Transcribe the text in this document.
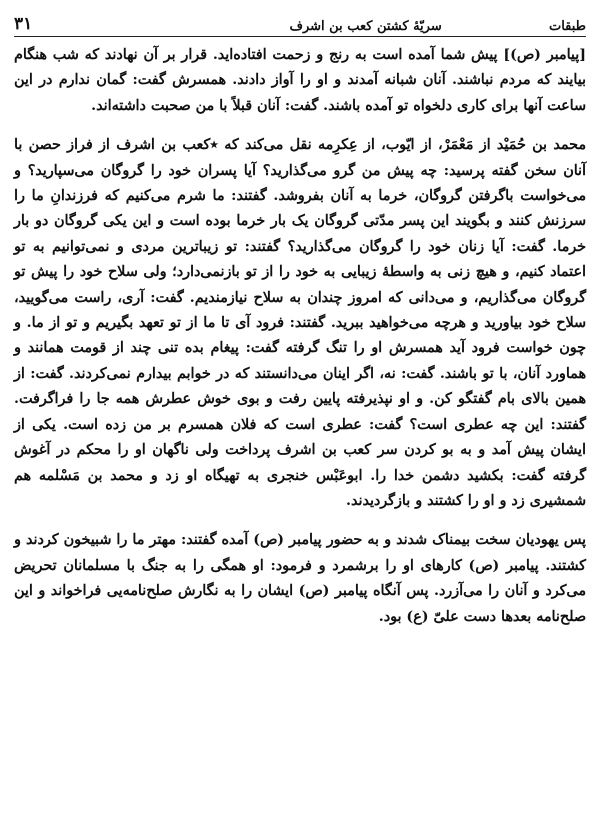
طبقات
سریّهٔ کشتن کعب بن اشرف
۳۱

[پیامبر (ص)] پیش شما آمده است به رنج و زحمت افتاده‌اید. قرار بر آن نهادند که شب هنگام بیایند که مردم نباشند. آنان شبانه آمدند و او را آواز دادند. همسرش گفت: گمان ندارم در این ساعت آنها برای کاری دلخواه تو آمده باشند. گفت: آنان قبلاً با من صحبت داشته‌اند.

محمد بن حُمَیْد از مَعْمَرْ، از ایّوب، از عِکرِمه نقل می‌کند که ٭کعب بن اشرف از فراز حصن با آنان سخن گفته پرسید: چه پیش من گرو می‌گذارید؟ آیا پسران خود را گروگان می‌سپارید؟ و می‌خواست باگرفتن گروگان، خرما به آنان بفروشد. گفتند: ما شرم می‌کنیم که فرزندانِ ما را سرزنش کنند و بگویند این پسر مدّتی گروگان یک بار خرما بوده است و این یکی گروگان دو بار خرما. گفت: آیا زنان خود را گروگان می‌گذارید؟ گفتند: تو زیباترین مردی و نمی‌توانیم به تو اعتماد کنیم، و هیچ زنی به واسطهٔ زیبایی به خود را از تو بازنمی‌دارد؛ ولی سلاح خود را پیش تو گروگان می‌گذاریم، و می‌دانی که امروز چندان به سلاح نیازمندیم. گفت: آری، راست می‌گویید، سلاح خود بیاورید و هرچه می‌خواهید ببرید. گفتند: فرود آی تا ما از تو تعهد بگیریم و تو از ما. و چون خواست فرود آید همسرش او را تنگ گرفته گفت: پیغام بده تنی چند از قومت همانند و هماورد آنان، با تو باشند. گفت: نه، اگر اینان می‌دانستند که در خوابم بیدارم نمی‌کردند. گفت: از همین بالای بام گفتگو کن. و او نپذیرفته پایین رفت و بوی خوش عطرش همه جا را فراگرفت. گفتند: این چه عطری است؟ گفت: عطری است که فلان همسرم بر من زده است. یکی از ایشان پیش آمد و به بو کردن سر کعب بن اشرف پرداخت ولی ناگهان او را محکم در آغوش گرفته گفت: بکشید دشمن خدا را. ابوعَبْس خنجری به تهیگاه او زد و محمد بن مَسْلمه هم شمشیری زد و او را کشتند و بازگردیدند.

پس یهودیان سخت بیمناک شدند و به حضور پیامبر (ص) آمده گفتند: مهتر ما را شبیخون کردند و کشتند. پیامبر (ص) کارهای او را برشمرد و فرمود: او همگی را به جنگ با مسلمانان تحریض می‌کرد و آنان را می‌آزرد. پس آنگاه پیامبر (ص) ایشان را به نگارش صلح‌نامه‌یی فراخواند و این صلح‌نامه بعدها دست علیّ (ع) بود.
